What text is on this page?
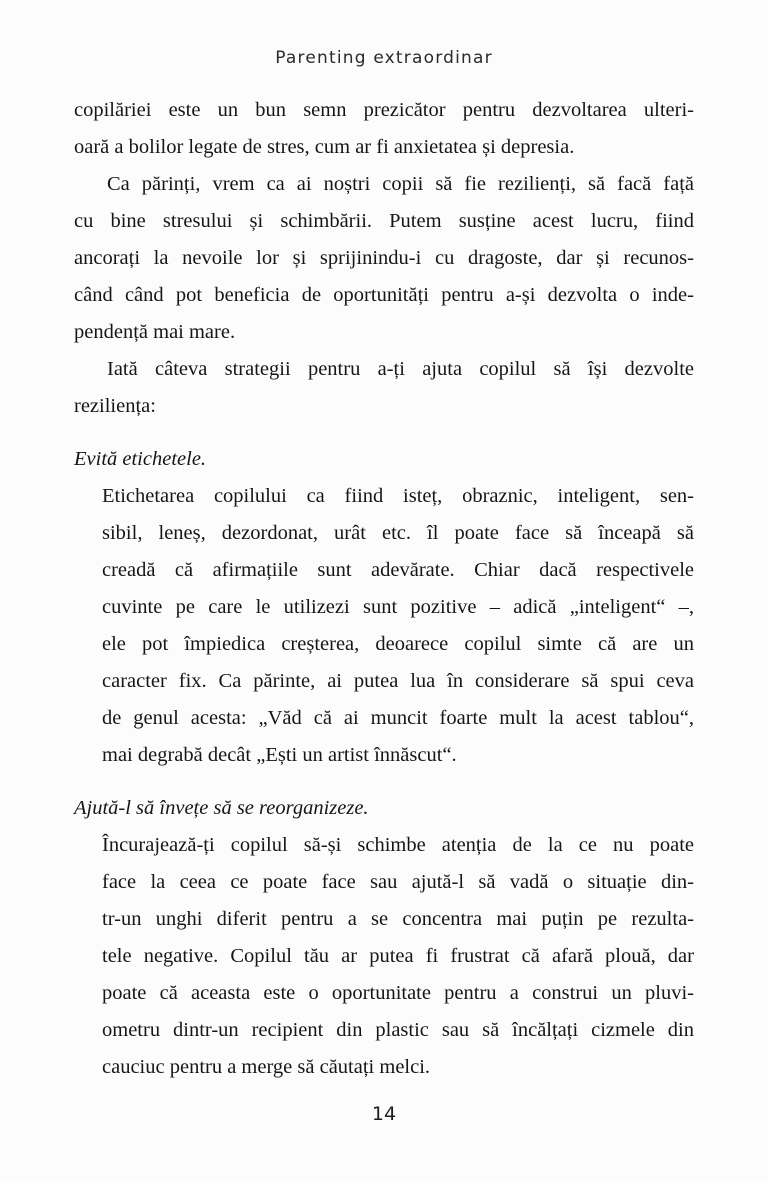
Parenting extraordinar
copilăriei este un bun semn prezicător pentru dezvoltarea ulteri-
oară a bolilor legate de stres, cum ar fi anxietatea și depresia.
Ca părinți, vrem ca ai noștri copii să fie rezilienți, să facă față
cu bine stresului și schimbării. Putem susține acest lucru, fiind
ancorați la nevoile lor și sprijinindu-i cu dragoste, dar și recunos-
când când pot beneficia de oportunități pentru a-și dezvolta o inde-
pendență mai mare.
Iată câteva strategii pentru a-ți ajuta copilul să își dezvolte
reziliența:
Evită etichetele.
Etichetarea copilului ca fiind isteț, obraznic, inteligent, sen-
sibil, leneș, dezordonat, urât etc. îl poate face să înceapă să
creadă că afirmațiile sunt adevărate. Chiar dacă respectivele
cuvinte pe care le utilizezi sunt pozitive – adică „inteligent“ –,
ele pot împiedica creșterea, deoarece copilul simte că are un
caracter fix. Ca părinte, ai putea lua în considerare să spui ceva
de genul acesta: „Văd că ai muncit foarte mult la acest tablou“,
mai degrabă decât „Ești un artist înnăscut“.
Ajută-l să învețe să se reorganizeze.
Încurajează-ți copilul să-și schimbe atenția de la ce nu poate
face la ceea ce poate face sau ajută-l să vadă o situație din-
tr-un unghi diferit pentru a se concentra mai puțin pe rezulta-
tele negative. Copilul tău ar putea fi frustrat că afară plouă, dar
poate că aceasta este o oportunitate pentru a construi un pluvi-
ometru dintr-un recipient din plastic sau să încălțați cizmele din
cauciuc pentru a merge să căutați melci.
14
